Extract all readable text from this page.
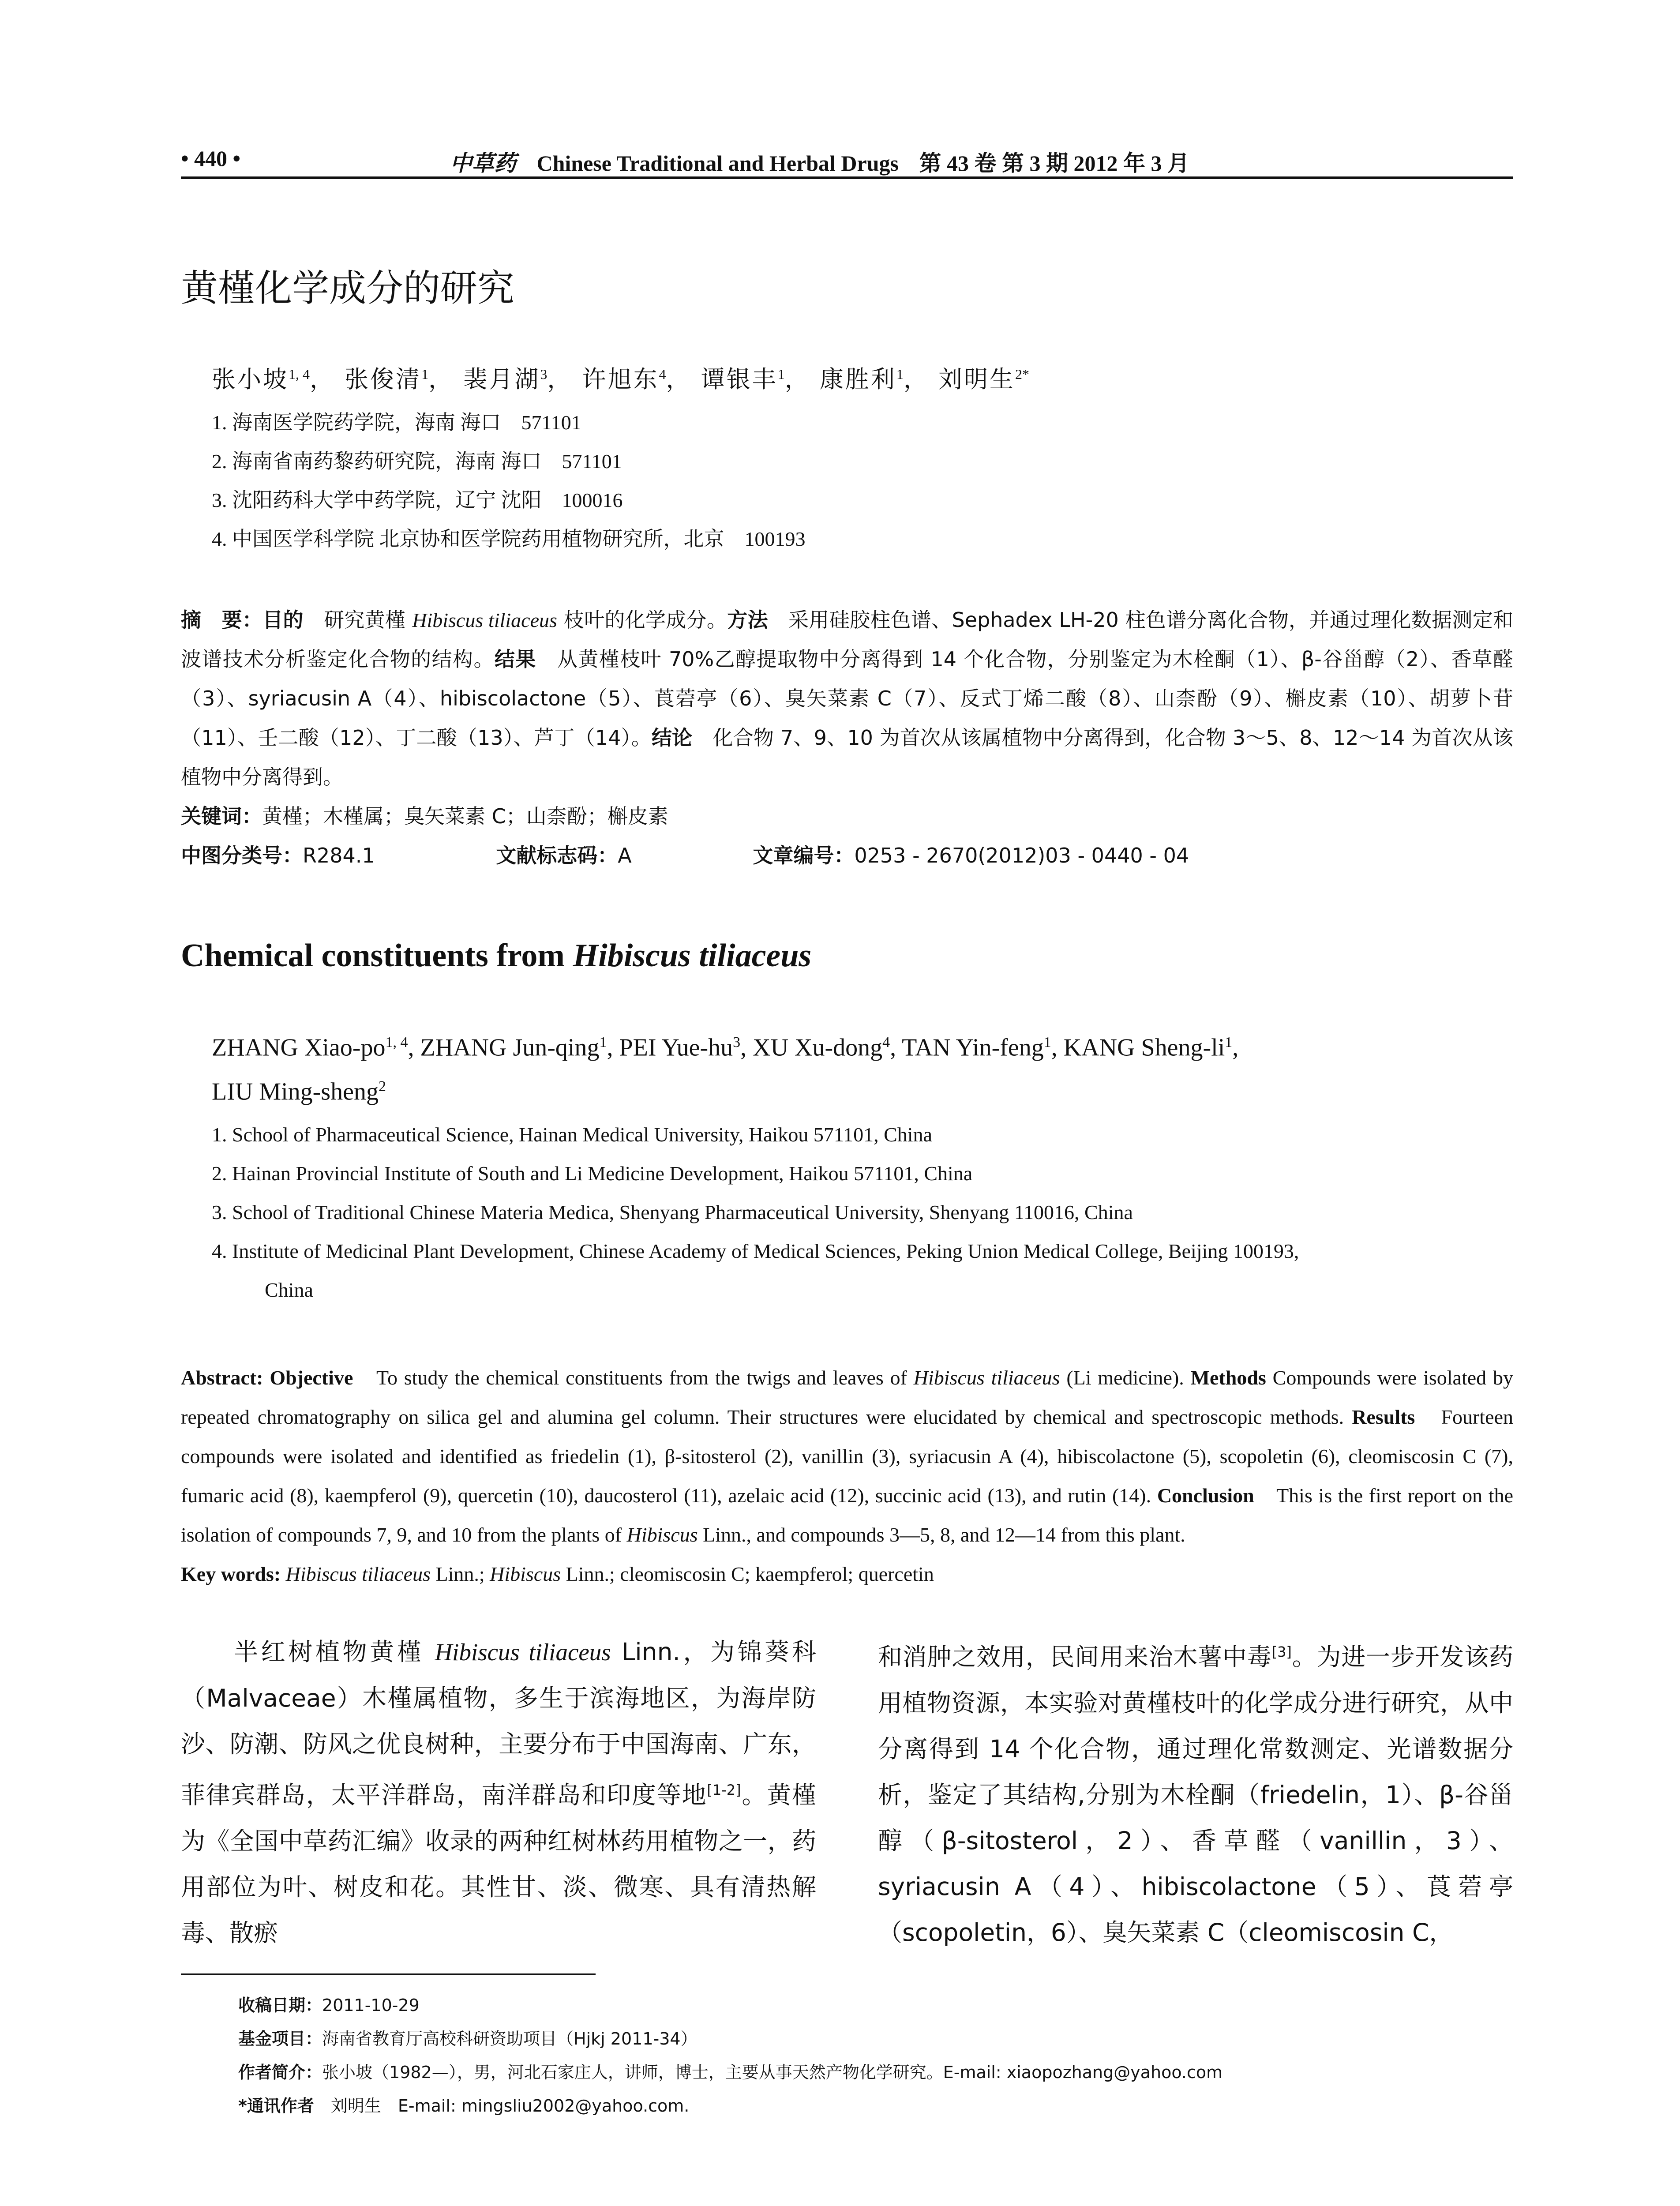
• 440 •	中草药 Chinese Traditional and Herbal Drugs 第 43 卷 第 3 期 2012 年 3 月
黄槿化学成分的研究
张小坡$^{1, 4}$， 张俊清$^1$， 裴月湖$^3$， 许旭东$^4$， 谭银丰$^1$， 康胜利$^1$， 刘明生$^{2*}$
1. 海南医学院药学院，海南 海口　571101
2. 海南省南药黎药研究院，海南 海口　571101
3. 沈阳药科大学中药学院，辽宁 沈阳　100016
4. 中国医学科学院 北京协和医学院药用植物研究所，北京　100193
摘　要：目的　研究黄槿 Hibiscus tiliaceus 枝叶的化学成分。方法　采用硅胶柱色谱、Sephadex LH-20 柱色谱分离化合物，并通过理化数据测定和波谱技术分析鉴定化合物的结构。结果　从黄槿枝叶 70%乙醇提取物中分离得到 14 个化合物，分别鉴定为木栓酮（1）、β-谷甾醇（2）、香草醛（3）、syriacusin A（4）、hibiscolactone（5）、莨菪亭（6）、臭矢菜素 C（7）、反式丁烯二酸（8）、山柰酚（9）、槲皮素（10）、胡萝卜苷（11）、壬二酸（12）、丁二酸（13）、芦丁（14）。结论　化合物 7、9、10 为首次从该属植物中分离得到，化合物 3～5、8、12～14 为首次从该植物中分离得到。
关键词：黄槿；木槿属；臭矢菜素 C；山柰酚；槲皮素
中图分类号：R284.1	文献标志码：A	文章编号：0253 - 2670(2012)03 - 0440 - 04
Chemical constituents from Hibiscus tiliaceus
ZHANG Xiao-po$^{1, 4}$, ZHANG Jun-qing$^1$, PEI Yue-$hu^3$, XU Xu-dong$^4$, TAN Yin-feng$^1$, KANG Sheng-$li^1$,
LIU Ming-sheng$^2$
1. School of Pharmaceutical Science, Hainan Medical University, Haikou 571101, China
2. Hainan Provincial Institute of South and Li Medicine Development, Haikou 571101, China
3. School of Traditional Chinese Materia Medica, Shenyang Pharmaceutical University, Shenyang 110016, China
4. Institute of Medicinal Plant Development, Chinese Academy of Medical Sciences, Peking Union Medical College, Beijing 100193,
China
Abstract: Objective　To study the chemical constituents from the twigs and leaves of Hibiscus tiliaceus (Li medicine). Methods Compounds were isolated by repeated chromatography on silica gel and alumina gel column. Their structures were elucidated by chemical and spectroscopic methods. Results　Fourteen compounds were isolated and identified as friedelin (1), β-sitosterol (2), vanillin (3), syriacusin A (4), hibiscolactone (5), scopoletin (6), cleomiscosin C (7), fumaric acid (8), kaempferol (9), quercetin (10), daucosterol (11), azelaic acid (12), succinic acid (13), and rutin (14). Conclusion　This is the first report on the isolation of compounds 7, 9, and 10 from the plants of Hibiscus Linn., and compounds 3—5, 8, and 12—14 from this plant.
Key words: Hibiscus tiliaceus Linn.; Hibiscus Linn.; cleomiscosin C; kaempferol; quercetin
半红树植物黄槿 Hibiscus tiliaceus Linn.，为锦葵科（Malvaceae）木槿属植物，多生于滨海地区，为海岸防沙、防潮、防风之优良树种，主要分布于中国海南、广东，菲律宾群岛，太平洋群岛，南洋群岛和印度等地[1-2]。黄槿为《全国中草药汇编》收录的两种红树林药用植物之一，药用部位为叶、树皮和花。其性甘、淡、微寒、具有清热解毒、散瘀
和消肿之效用，民间用来治木薯中毒[3]。为进一步开发该药用植物资源，本实验对黄槿枝叶的化学成分进行研究，从中分离得到 14 个化合物，通过理化常数测定、光谱数据分析，鉴定了其结构,分别为木栓酮（friedelin，1）、β-谷甾醇（β-sitosterol，2）、香草醛（vanillin，3）、syriacusin A（4）、hibiscolactone（5）、莨菪亭（scopoletin，6）、臭矢菜素 C（cleomiscosin C，
收稿日期：2011-10-29
基金项目：海南省教育厅高校科研资助项目（Hjkj 2011-34）
作者简介：张小坡（1982—），男，河北石家庄人，讲师，博士，主要从事天然产物化学研究。E-mail: xiaopozhang@yahoo.com
*通讯作者　刘明生　E-mail: mingsliu2002@yahoo.com.
